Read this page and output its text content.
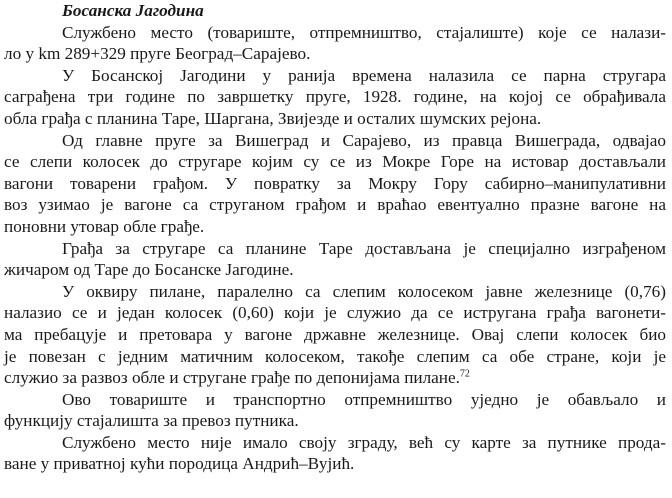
Босанска Јагодина
Службено место (товариште, отпремништво, стајалиште) које се налази-
ло у km 289+329 пруге Београд–Сарајево.
У Босанској Јагодини у ранија времена налазила се парна стругара
саграђена три године по завршетку пруге, 1928. године, на којој се обрађивала
обла грађа с планина Таре, Шаргана, Звијезде и осталих шумских рејона.
Од главне пруге за Вишеград и Сарајево, из правца Вишеграда, одвајао
се слепи колосек до стругаре којим су се из Мокре Горе на истовар достављали
вагони товарени грађом. У повратку за Мокру Гору сабирно–манипулативни
воз узимао је вагоне са струганом грађом и враћао евентуално празне вагоне на
поновни утовар обле грађе.
Грађа за стругаре са планине Таре достављана је специјално изграђеном
жичаром од Таре до Босанске Јагодине.
У оквиру пилане, паралелно са слепим колосеком јавне железнице (0,76)
налазио се и један колосек (0,60) који је служио да се истругана грађа вагонети-
ма пребацује и претовара у вагоне државне железнице. Овај слепи колосек био
је повезан с једним матичним колосеком, такође слепим са обе стране, који је
служио за развоз обле и стругане грађе по депонијама пилане.$^{72}$
Ово товариште и транспортно отпремништво уједно је обављало и
функцију стајалишта за превоз путника.
Службено место није имало своју зграду, већ су карте за путнике прода-
ване у приватној кући породица Андрић–Вујић.
